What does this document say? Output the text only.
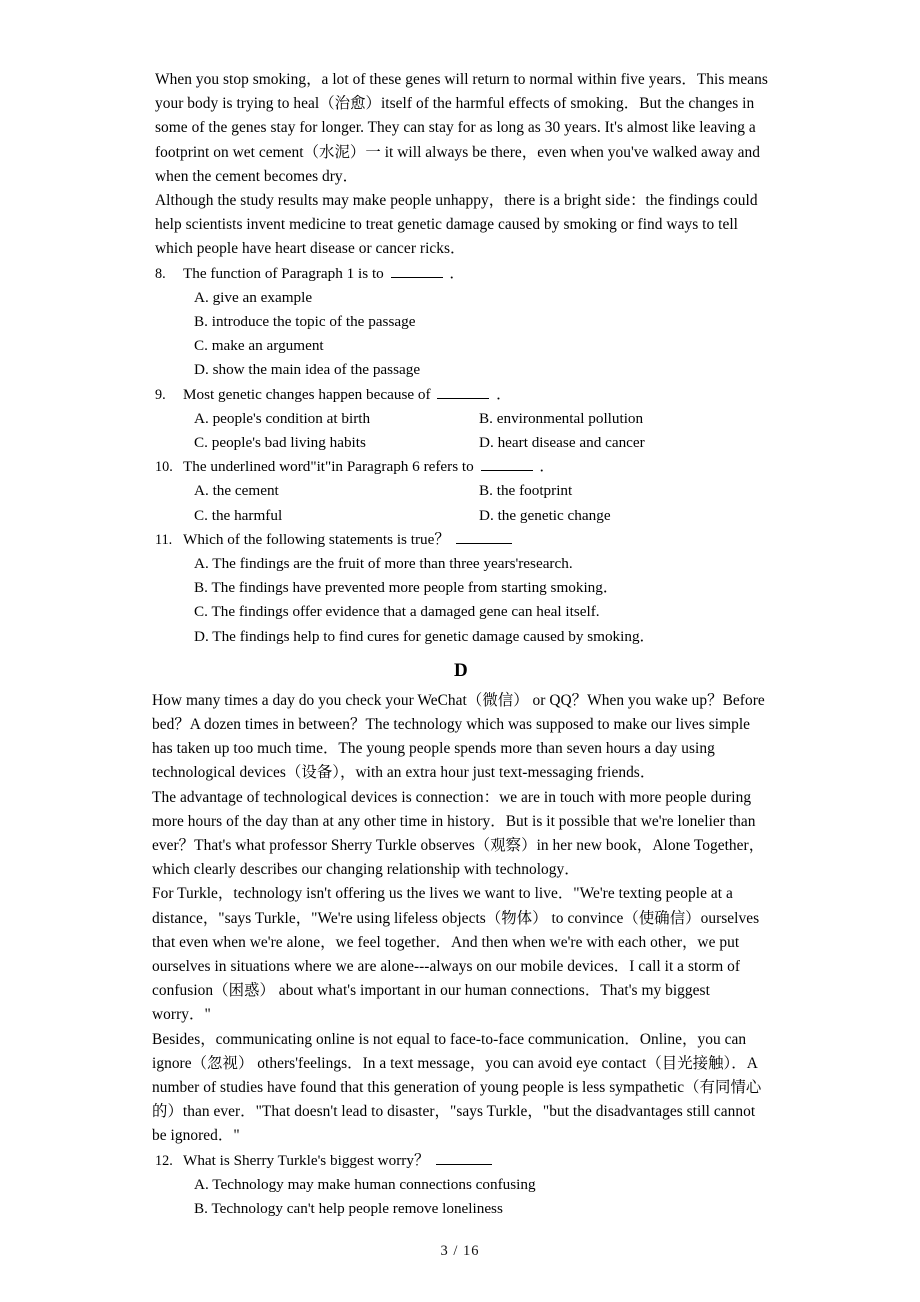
When you stop smoking，a lot of these genes will return to normal within five years．This means your body is trying to heal（治愈）itself of the harmful effects of smoking．But the changes in some of the genes stay for longer. They can stay for as long as 30 years. It's almost like leaving a footprint on wet cement（水泥）一 it will always be there，even when you've walked away and when the cement becomes dry．

Although the study results may make people unhappy，there is a bright side：the findings could help scientists invent medicine to treat genetic damage caused by smoking or find ways to tell which people have heart disease or cancer ricks．

8.	The function of Paragraph 1 is to	．
A. give an example
B. introduce the topic of the passage
C. make an argument
D. show the main idea of the passage
9.	Most genetic changes happen because of	．
A. people's condition at birth	B. environmental pollution
C. people's bad living habits	D. heart disease and cancer
10. The underlined word"it"in Paragraph 6 refers to	．
A. the cement	B. the footprint
C. the harmful	D. the genetic change
11. Which of the following statements is true？
A. The findings are the fruit of more than three years'research.
B. The findings have prevented more people from starting smoking．
C. The findings offer evidence that a damaged gene can heal itself.
D. The findings help to find cures for genetic damage caused by smoking．
D

How many times a day do you check your WeChat（微信） or QQ？When you wake up？Before bed？A dozen times in between？The technology which was supposed to make our lives simple has taken up too much time．The young people spends more than seven hours a day using technological devices（设备），with an extra hour just text-messaging friends．

The advantage of technological devices is connection：we are in touch with more people during more hours of the day than at any other time in history．But is it possible that we're lonelier than ever？That's what professor Sherry Turkle observes（观察）in her new book，Alone Together，which clearly describes our changing relationship with technology．

For Turkle，technology isn't offering us the lives we want to live．"We're texting people at a distance，"says Turkle，"We're using lifeless objects（物体） to convince（使确信）ourselves that even when we're alone，we feel together．And then when we're with each other，we put ourselves in situations where we are alone---always on our mobile devices．I call it a storm of confusion（困惑） about what's important in our human connections．That's my biggest worry．"

Besides，communicating online is not equal to face-to-face communication．Online，you can ignore（忽视） others'feelings．In a text message，you can avoid eye contact（目光接触）．A number of studies have found that this generation of young people is less sympathetic（有同情心的）than ever．"That doesn't lead to disaster，"says Turkle，"but the disadvantages still cannot be ignored．"

12. What is Sherry Turkle's biggest worry？
A. Technology may make human connections confusing
B. Technology can't help people remove loneliness
3 / 16
